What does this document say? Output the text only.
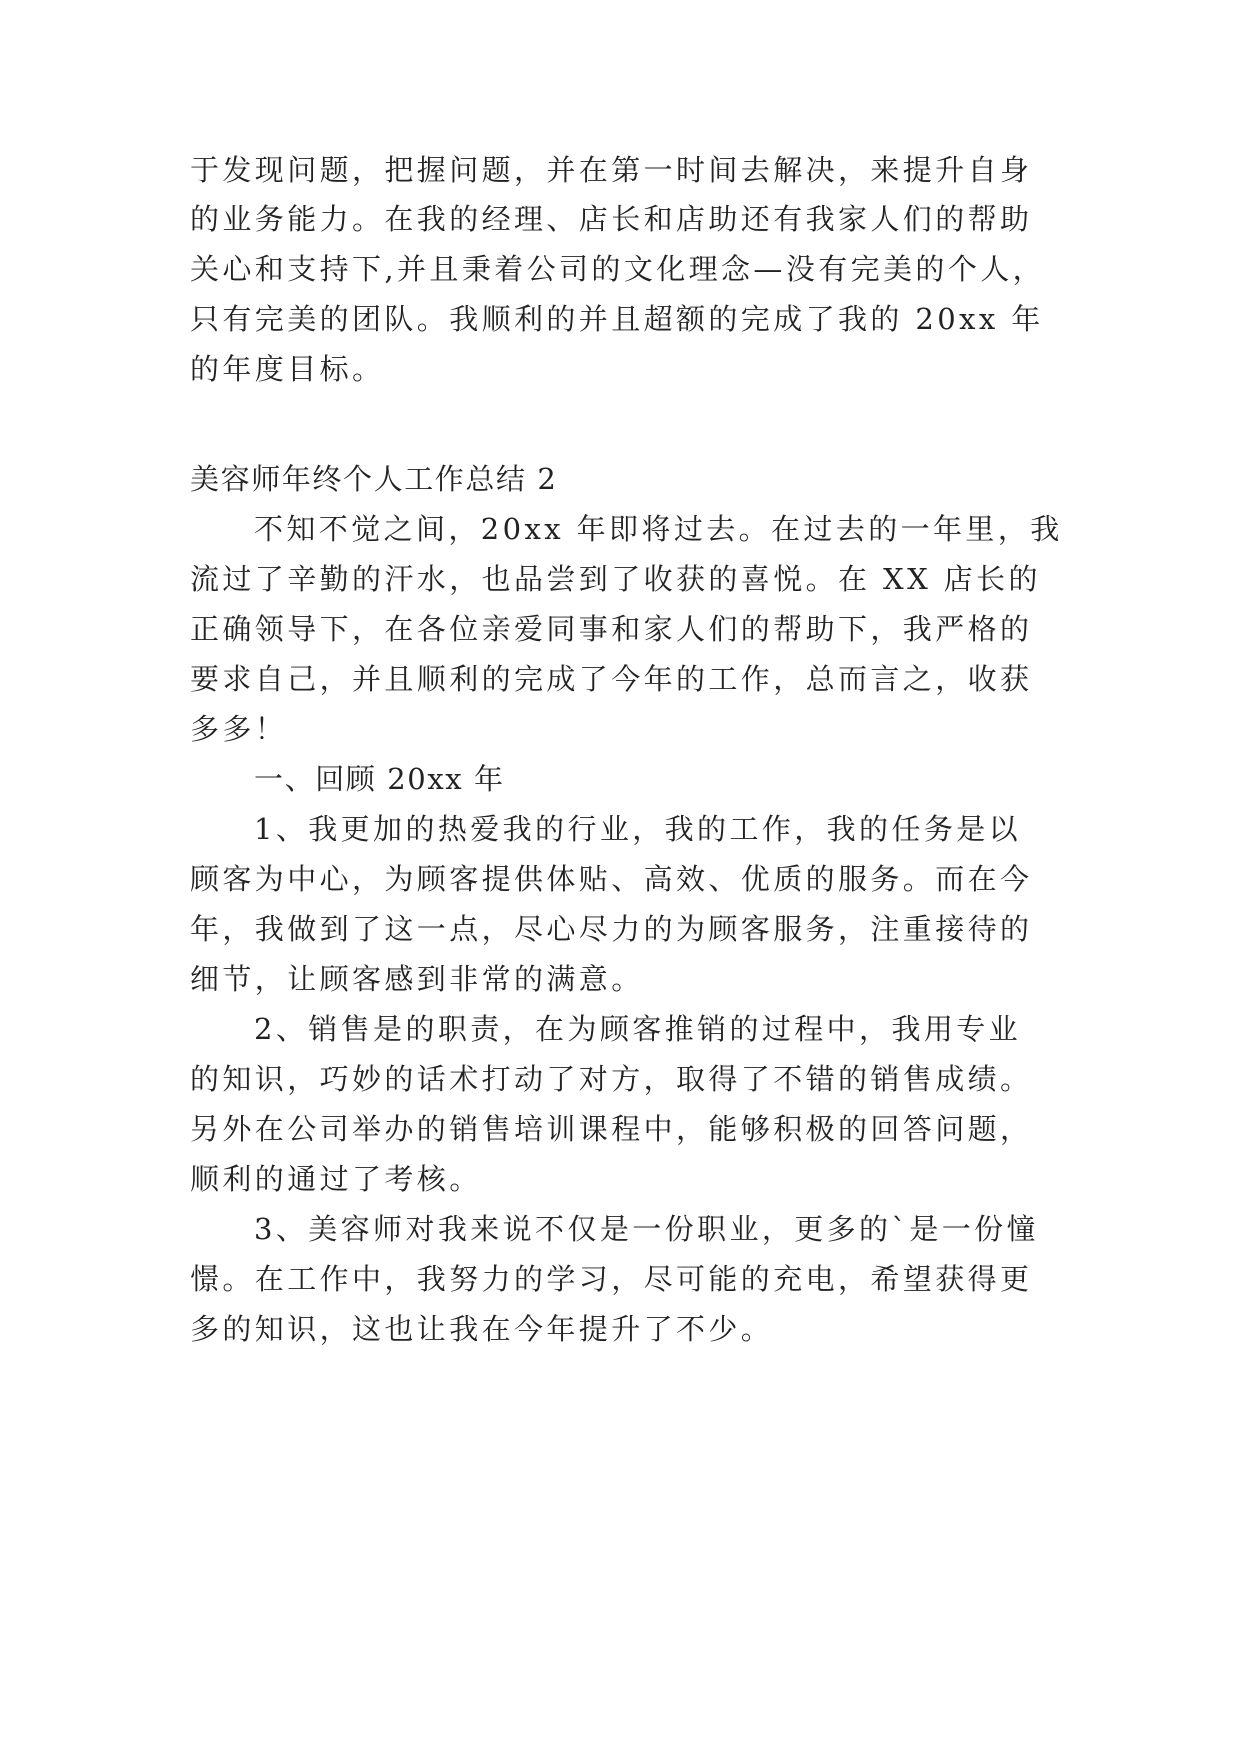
于发现问题，把握问题，并在第一时间去解决，来提升自身
的业务能力。在我的经理、店长和店助还有我家人们的帮助
关心和支持下,并且秉着公司的文化理念—没有完美的个人，
只有完美的团队。我顺利的并且超额的完成了我的 20xx 年
的年度目标。
美容师年终个人工作总结 2
不知不觉之间，20xx 年即将过去。在过去的一年里，我
流过了辛勤的汗水，也品尝到了收获的喜悦。在 XX 店长的
正确领导下，在各位亲爱同事和家人们的帮助下，我严格的
要求自己，并且顺利的完成了今年的工作，总而言之，收获
多多！
一、回顾 20xx 年
1、我更加的热爱我的行业，我的工作，我的任务是以
顾客为中心，为顾客提供体贴、高效、优质的服务。而在今
年，我做到了这一点，尽心尽力的为顾客服务，注重接待的
细节，让顾客感到非常的满意。
2、销售是的职责，在为顾客推销的过程中，我用专业
的知识，巧妙的话术打动了对方，取得了不错的销售成绩。
另外在公司举办的销售培训课程中，能够积极的回答问题，
顺利的通过了考核。
3、美容师对我来说不仅是一份职业，更多的`是一份憧
憬。在工作中，我努力的学习，尽可能的充电，希望获得更
多的知识，这也让我在今年提升了不少。
